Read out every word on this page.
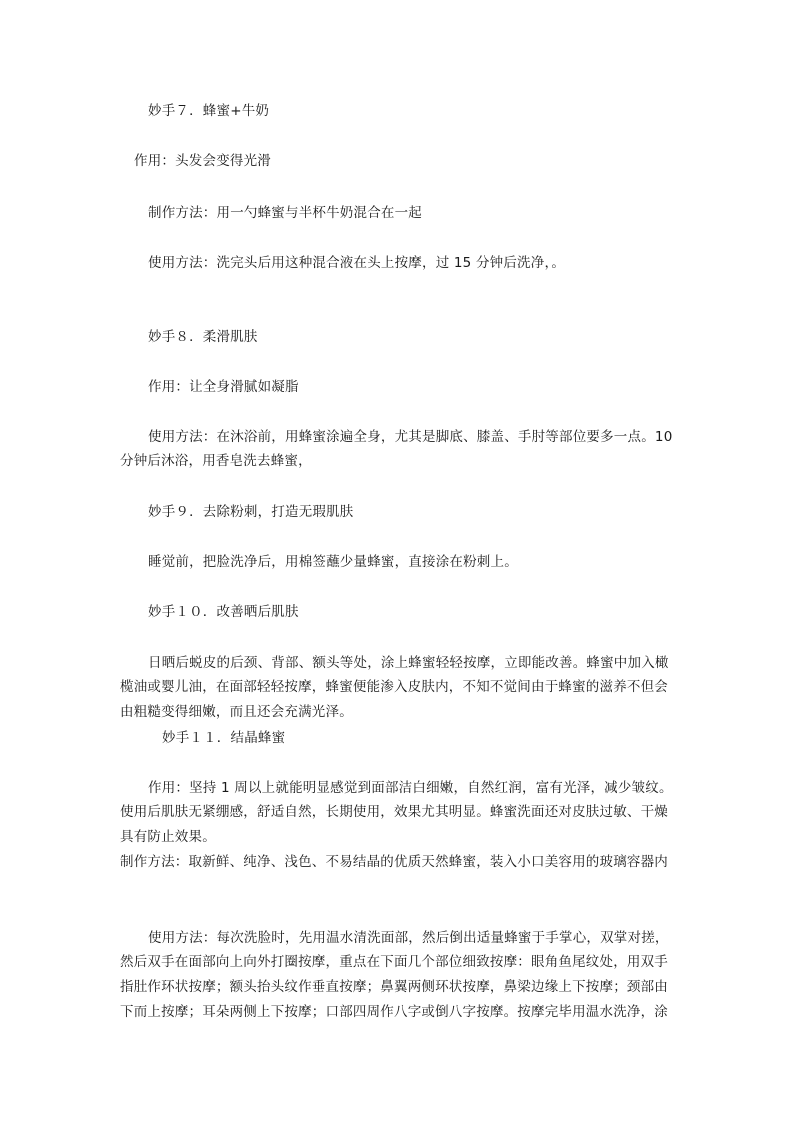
妙手７．蜂蜜+牛奶
作用：头发会变得光滑
制作方法：用一勺蜂蜜与半杯牛奶混合在一起
使用方法：洗完头后用这种混合液在头上按摩，过 15 分钟后洗净，。
妙手８．柔滑肌肤
作用：让全身滑腻如凝脂
使用方法：在沐浴前，用蜂蜜涂遍全身，尤其是脚底、膝盖、手肘等部位要多一点。10
分钟后沐浴，用香皂洗去蜂蜜，
妙手９．去除粉刺，打造无瑕肌肤
睡觉前，把脸洗净后，用棉签蘸少量蜂蜜，直接涂在粉刺上。
妙手１０．改善晒后肌肤
日晒后蜕皮的后颈、背部、额头等处，涂上蜂蜜轻轻按摩，立即能改善。蜂蜜中加入橄
榄油或婴儿油，在面部轻轻按摩，蜂蜜便能渗入皮肤内，不知不觉间由于蜂蜜的滋养不但会
由粗糙变得细嫩，而且还会充满光泽。
妙手１１．结晶蜂蜜
作用：坚持 1 周以上就能明显感觉到面部洁白细嫩，自然红润，富有光泽，减少皱纹。
使用后肌肤无紧绷感，舒适自然，长期使用，效果尤其明显。蜂蜜洗面还对皮肤过敏、干燥
具有防止效果。
制作方法：取新鲜、纯净、浅色、不易结晶的优质天然蜂蜜，装入小口美容用的玻璃容器内
使用方法：每次洗脸时，先用温水清洗面部，然后倒出适量蜂蜜于手掌心，双掌对搓，
然后双手在面部向上向外打圈按摩，重点在下面几个部位细致按摩：眼角鱼尾纹处，用双手
指肚作环状按摩；额头抬头纹作垂直按摩；鼻翼两侧环状按摩，鼻梁边缘上下按摩；颈部由
下而上按摩；耳朵两侧上下按摩；口部四周作八字或倒八字按摩。按摩完毕用温水洗净，涂
